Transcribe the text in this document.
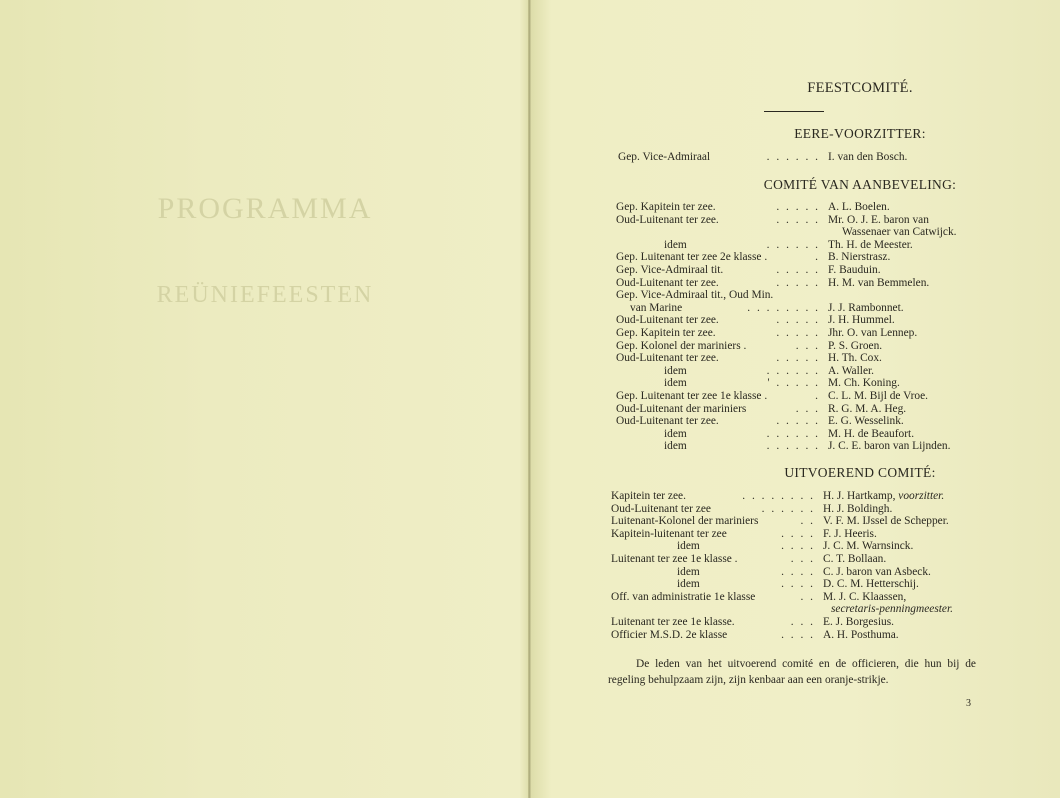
PROGRAMMA
REÜNIEFEESTEN
FEESTCOMITÉ.
EERE-VOORZITTER:
Gep. Vice-Admiraal	. . . . . . I. van den Bosch.
COMITÉ VAN AANBEVELING:
Gep. Kapitein ter zee.	. . . . . A. L. Boelen.
Oud-Luitenant ter zee.	. . . . . Mr. O. J. E. baron van
Wassenaer van Catwijck.
idem	. . . . . . Th. H. de Meester.
Gep. Luitenant ter zee 2e klasse .	. B. Nierstrasz.
Gep. Vice-Admiraal tit.	. . . . . F. Bauduin.
Oud-Luitenant ter zee.	. . . . . H. M. van Bemmelen.
Gep. Vice-Admiraal tit., Oud Min.
van Marine	. . . . . . . . J. J. Rambonnet.
Oud-Luitenant ter zee.	. . . . . J. H. Hummel.
Gep. Kapitein ter zee.	. . . . . Jhr. O. van Lennep.
Gep. Kolonel der mariniers .	. . . P. S. Groen.
Oud-Luitenant ter zee.	. . . . . H. Th. Cox.
idem	. . . . . . A. Waller.
idem	' . . . . . M. Ch. Koning.
Gep. Luitenant ter zee 1e klasse .	. C. L. M. Bijl de Vroe.
Oud-Luitenant der mariniers	. . . R. G. M. A. Heg.
Oud-Luitenant ter zee.	. . . . . E. G. Wesselink.
idem	. . . . . . M. H. de Beaufort.
idem	. . . . . . J. C. E. baron van Lijnden.
UITVOEREND COMITÉ:
Kapitein ter zee.	. . . . . . . . H. J. Hartkamp, voorzitter.
Oud-Luitenant ter zee	. . . . . . H. J. Boldingh.
Luitenant-Kolonel der mariniers	. . V. F. M. IJssel de Schepper.
Kapitein-luitenant ter zee	. . . . F. J. Heeris.
idem	. . . . J. C. M. Warnsinck.
Luitenant ter zee 1e klasse .	. . . C. T. Bollaan.
idem	. . . . C. J. baron van Asbeck.
idem	. . . . D. C. M. Hetterschij.
Off. van administratie 1e klasse	. . M. J. C. Klaassen,
secretaris-penningmeester.
Luitenant ter zee 1e klasse.	. . . E. J. Borgesius.
Officier M.S.D. 2e klasse	. . . . A. H. Posthuma.
De leden van het uitvoerend comité en de officieren, die hun bij de regeling behulpzaam zijn, zijn kenbaar aan een oranje-strikje.
3
